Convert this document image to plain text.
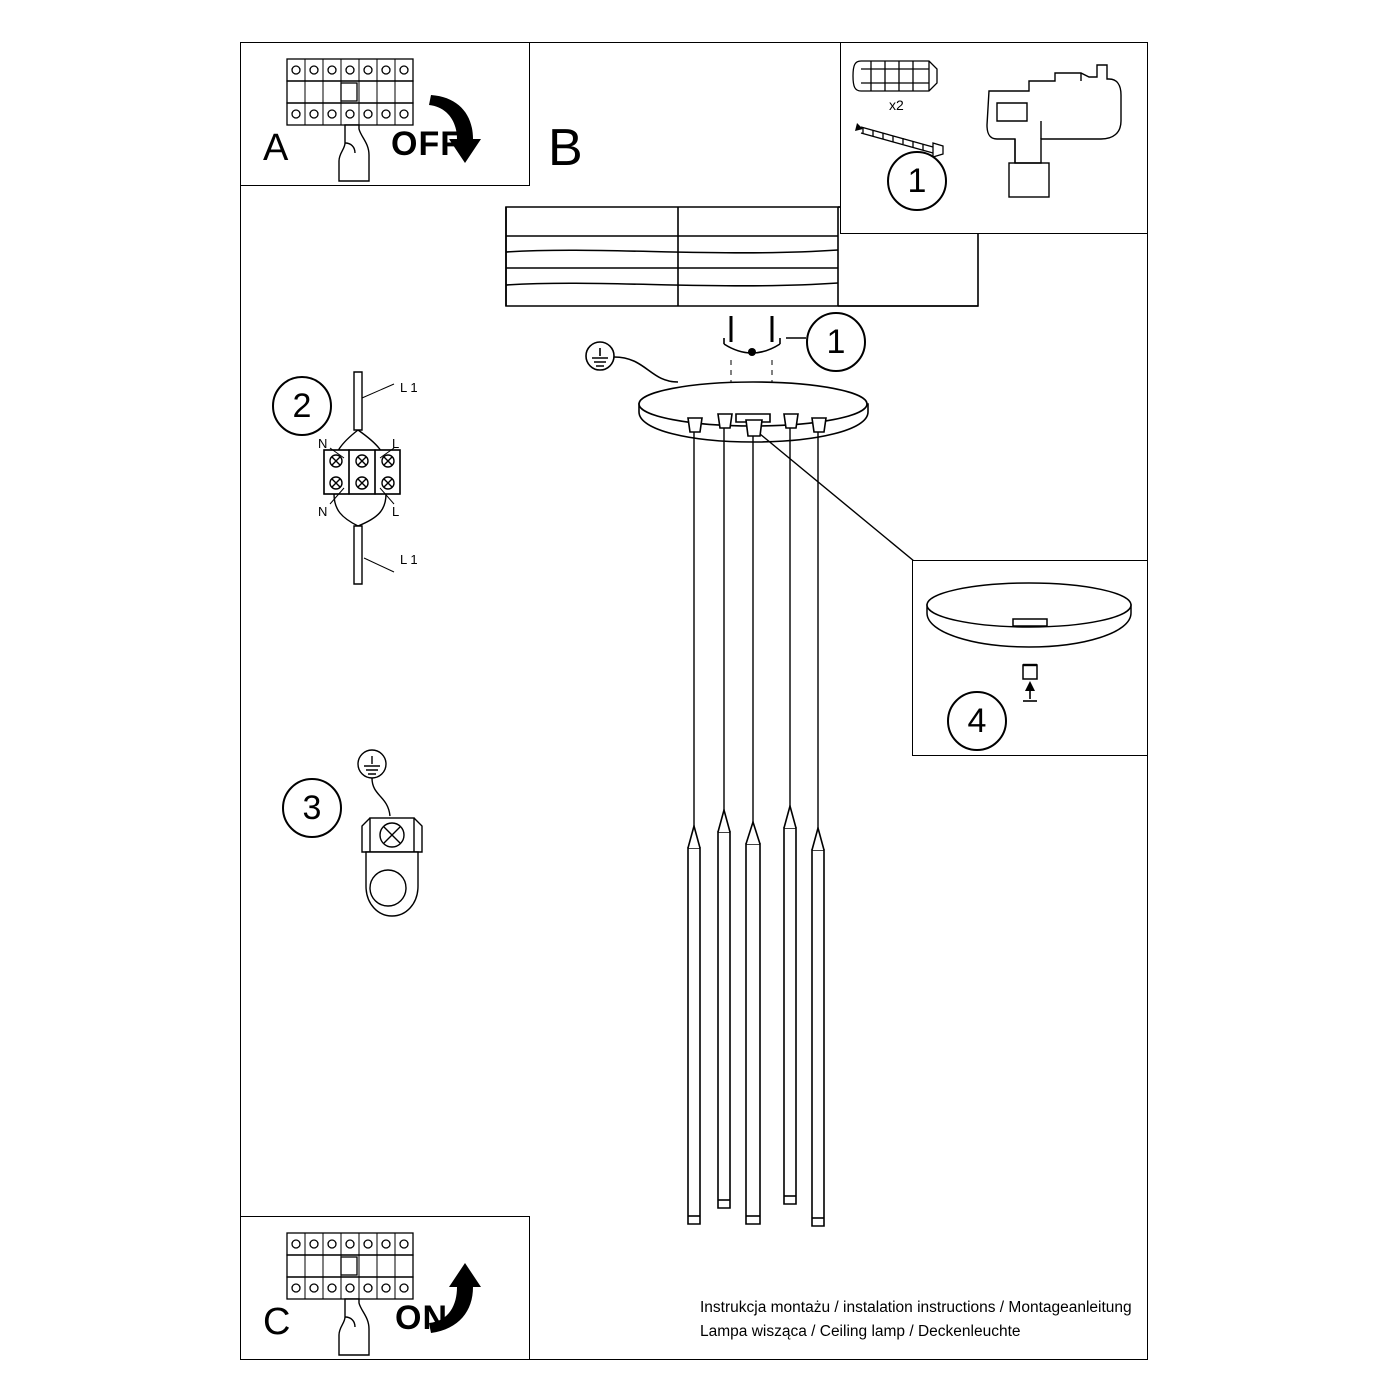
A	OFF B
x2
1
1
2	L 1
N	L
N	L
L 1
3
4
C	ON	Instrukcja montażu / instalation instructions / Montageanleitung
Lampa wisząca / Ceiling lamp / Deckenleuchte
